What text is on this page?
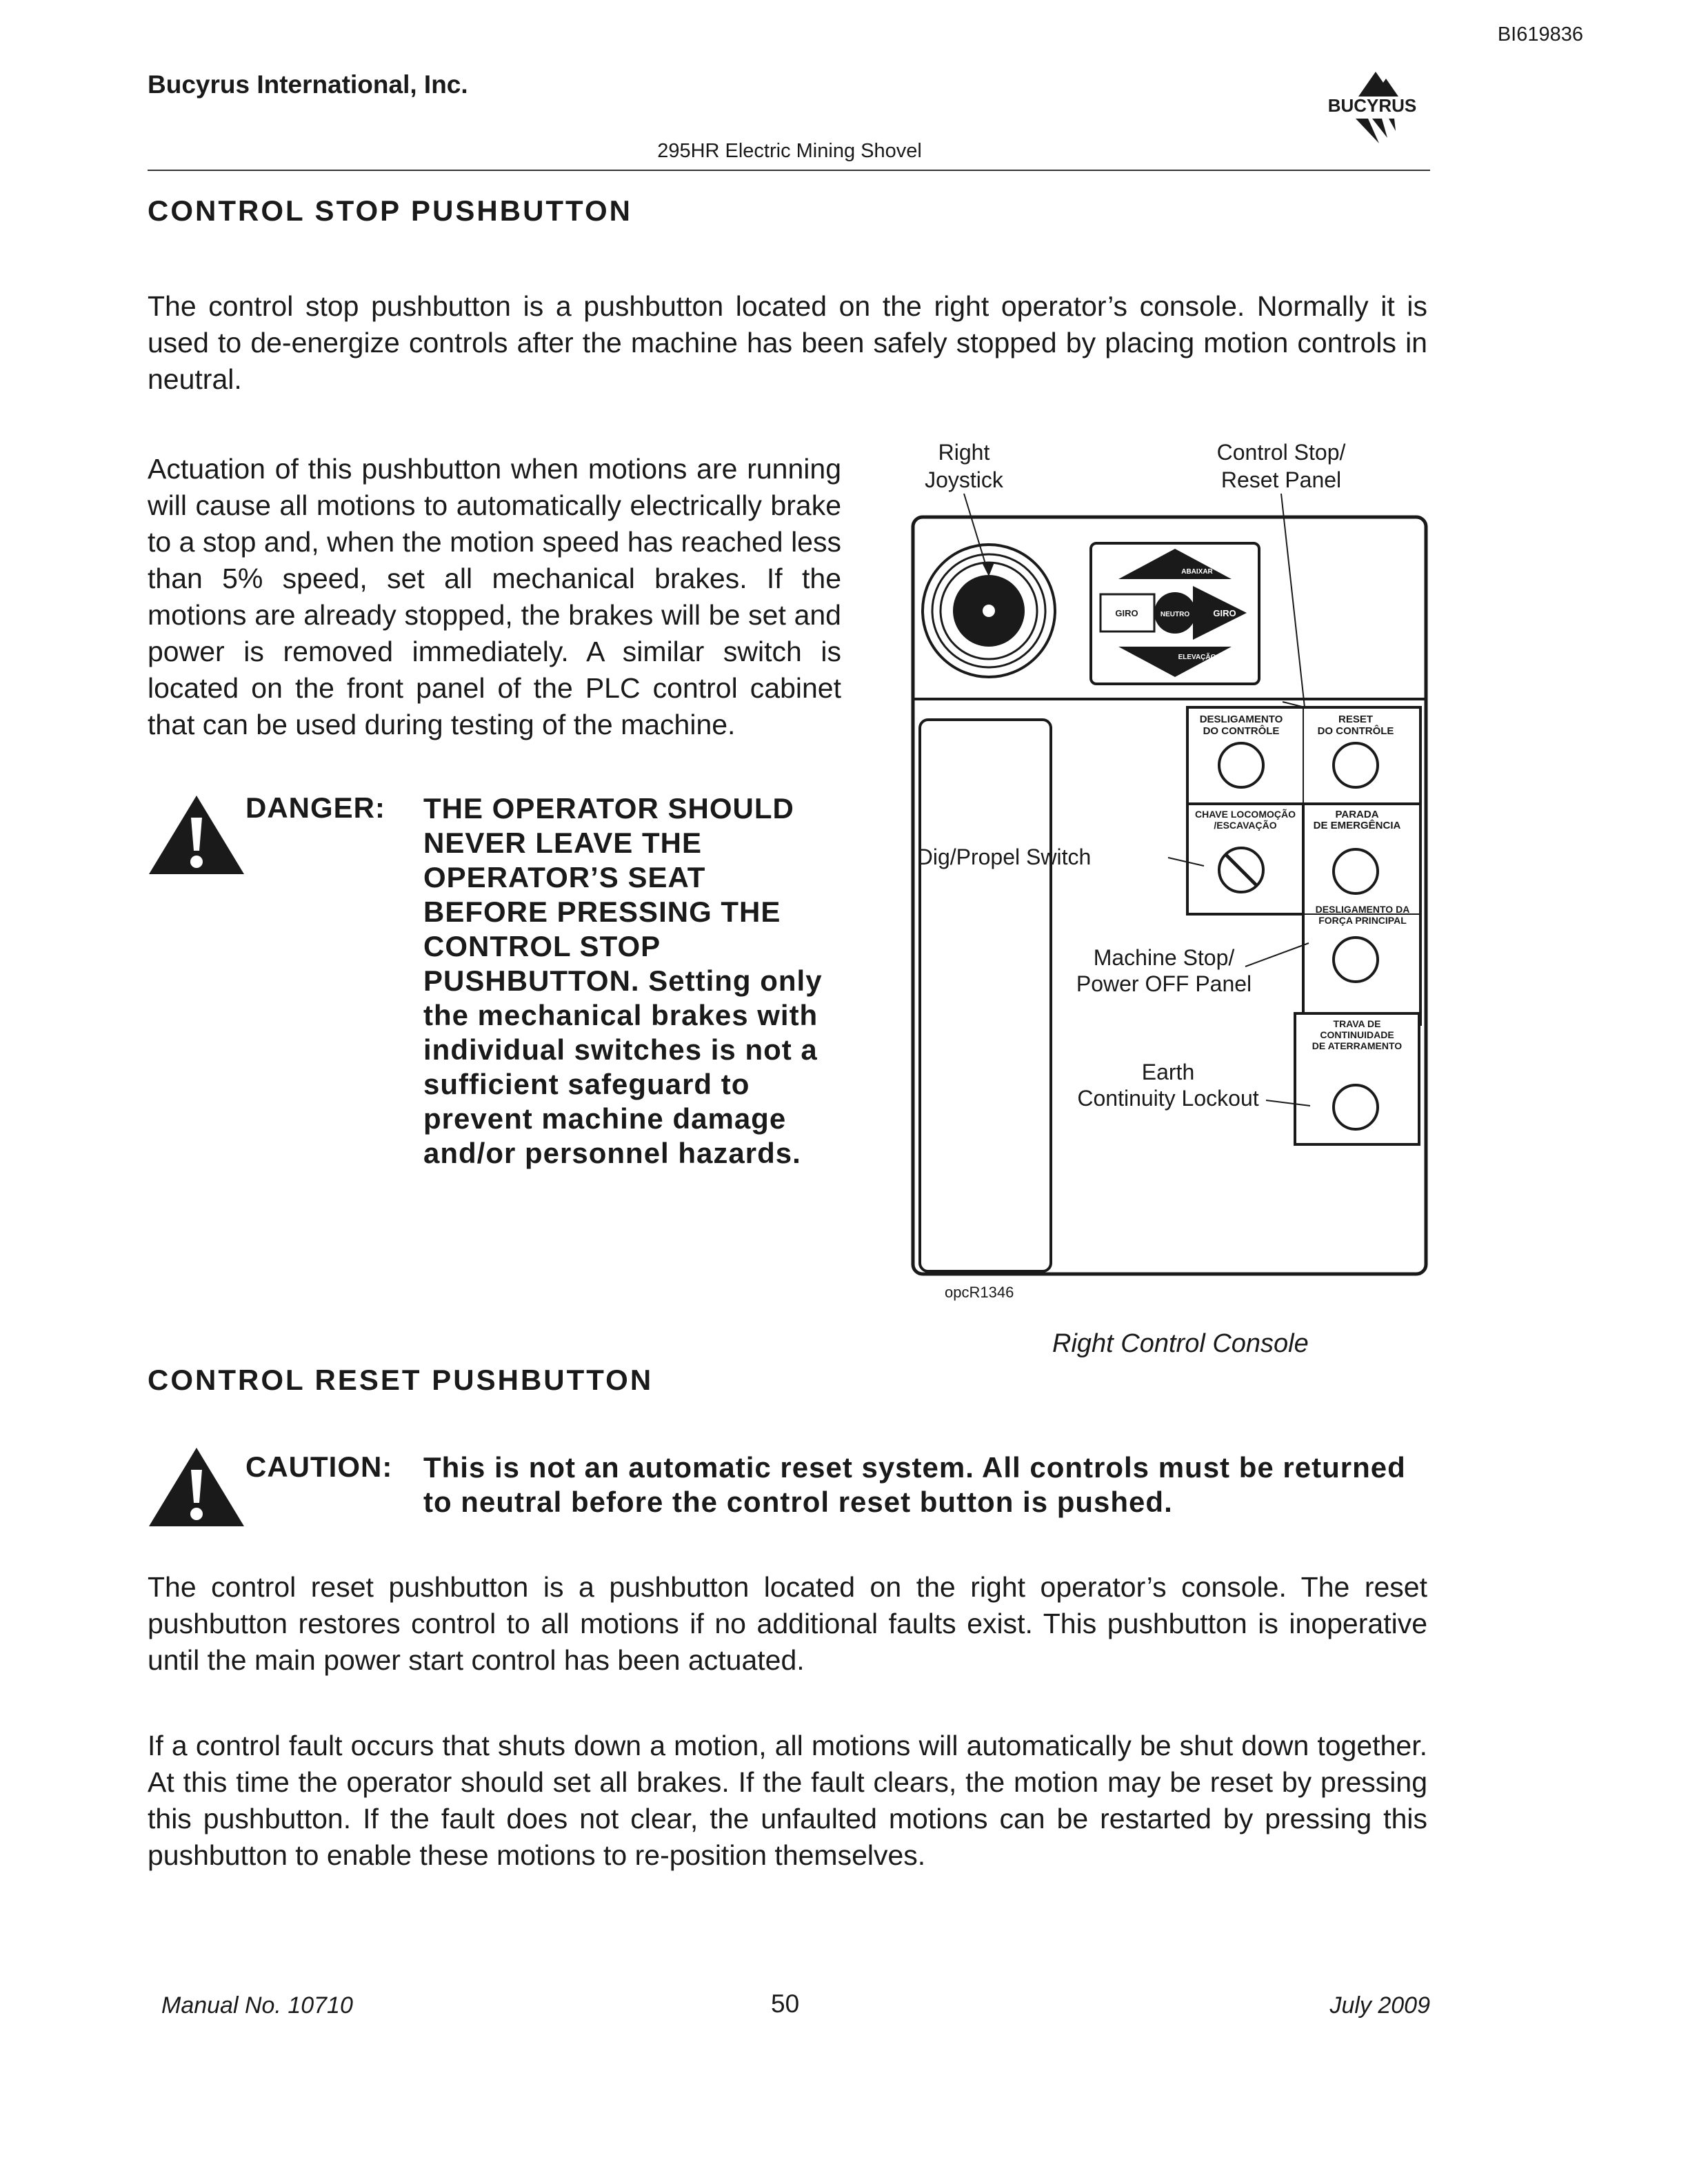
BI619836
Bucyrus International, Inc.
295HR Electric Mining Shovel
BUCYRUS
CONTROL STOP PUSHBUTTON

The control stop pushbutton is a pushbutton located on the right operator’s console. Normally it is used to de-energize controls after the machine has been safely stopped by placing motion controls in neutral.

Actuation of this pushbutton when motions are running will cause all motions to automatically electrically brake to a stop and, when the motion speed has reached less than 5% speed, set all mechanical brakes. If the motions are already stopped, the brakes will be set and power is removed immediately. A similar switch is located on the front panel of the PLC control cabinet that can be used during testing of the machine.

DANGER: THE OPERATOR SHOULD NEVER LEAVE THE OPERATOR’S SEAT BEFORE PRESSING THE CONTROL STOP PUSHBUTTON. Setting only the mechanical brakes with individual switches is not a sufficient safeguard to prevent machine damage and/or personnel hazards.
Right
Joystick
Control Stop/
Reset Panel
GIRO	GIRO
NEUTRO
ABAIXAR
ELEVAÇÃO
DESLIGAMENTO
DO CONTRÔLE
RESET
DO CONTRÔLE
CHAVE LOCOMOÇÃO
/ESCAVAÇÃO
PARADA
DE EMERGÊNCIA
DESLIGAMENTO DA
FORÇA PRINCIPAL
TRAVA DE
CONTINUIDADE
DE ATERRAMENTO
Dig/Propel Switch
Machine Stop/
Power OFF Panel
Earth
Continuity Lockout
opcR1346
Right Control Console
CONTROL RESET PUSHBUTTON
CAUTION: This is not an automatic reset system. All controls must be returned to neutral before the control reset button is pushed.

The control reset pushbutton is a pushbutton located on the right operator’s console. The reset pushbutton restores control to all motions if no additional faults exist. This pushbutton is inoperative until the main power start control has been actuated.

If a control fault occurs that shuts down a motion, all motions will automatically be shut down together. At this time the operator should set all brakes. If the fault clears, the motion may be reset by pressing this pushbutton. If the fault does not clear, the unfaulted motions can be restarted by pressing this pushbutton to enable these motions to re-position themselves.

Manual No. 10710	50	July 2009
